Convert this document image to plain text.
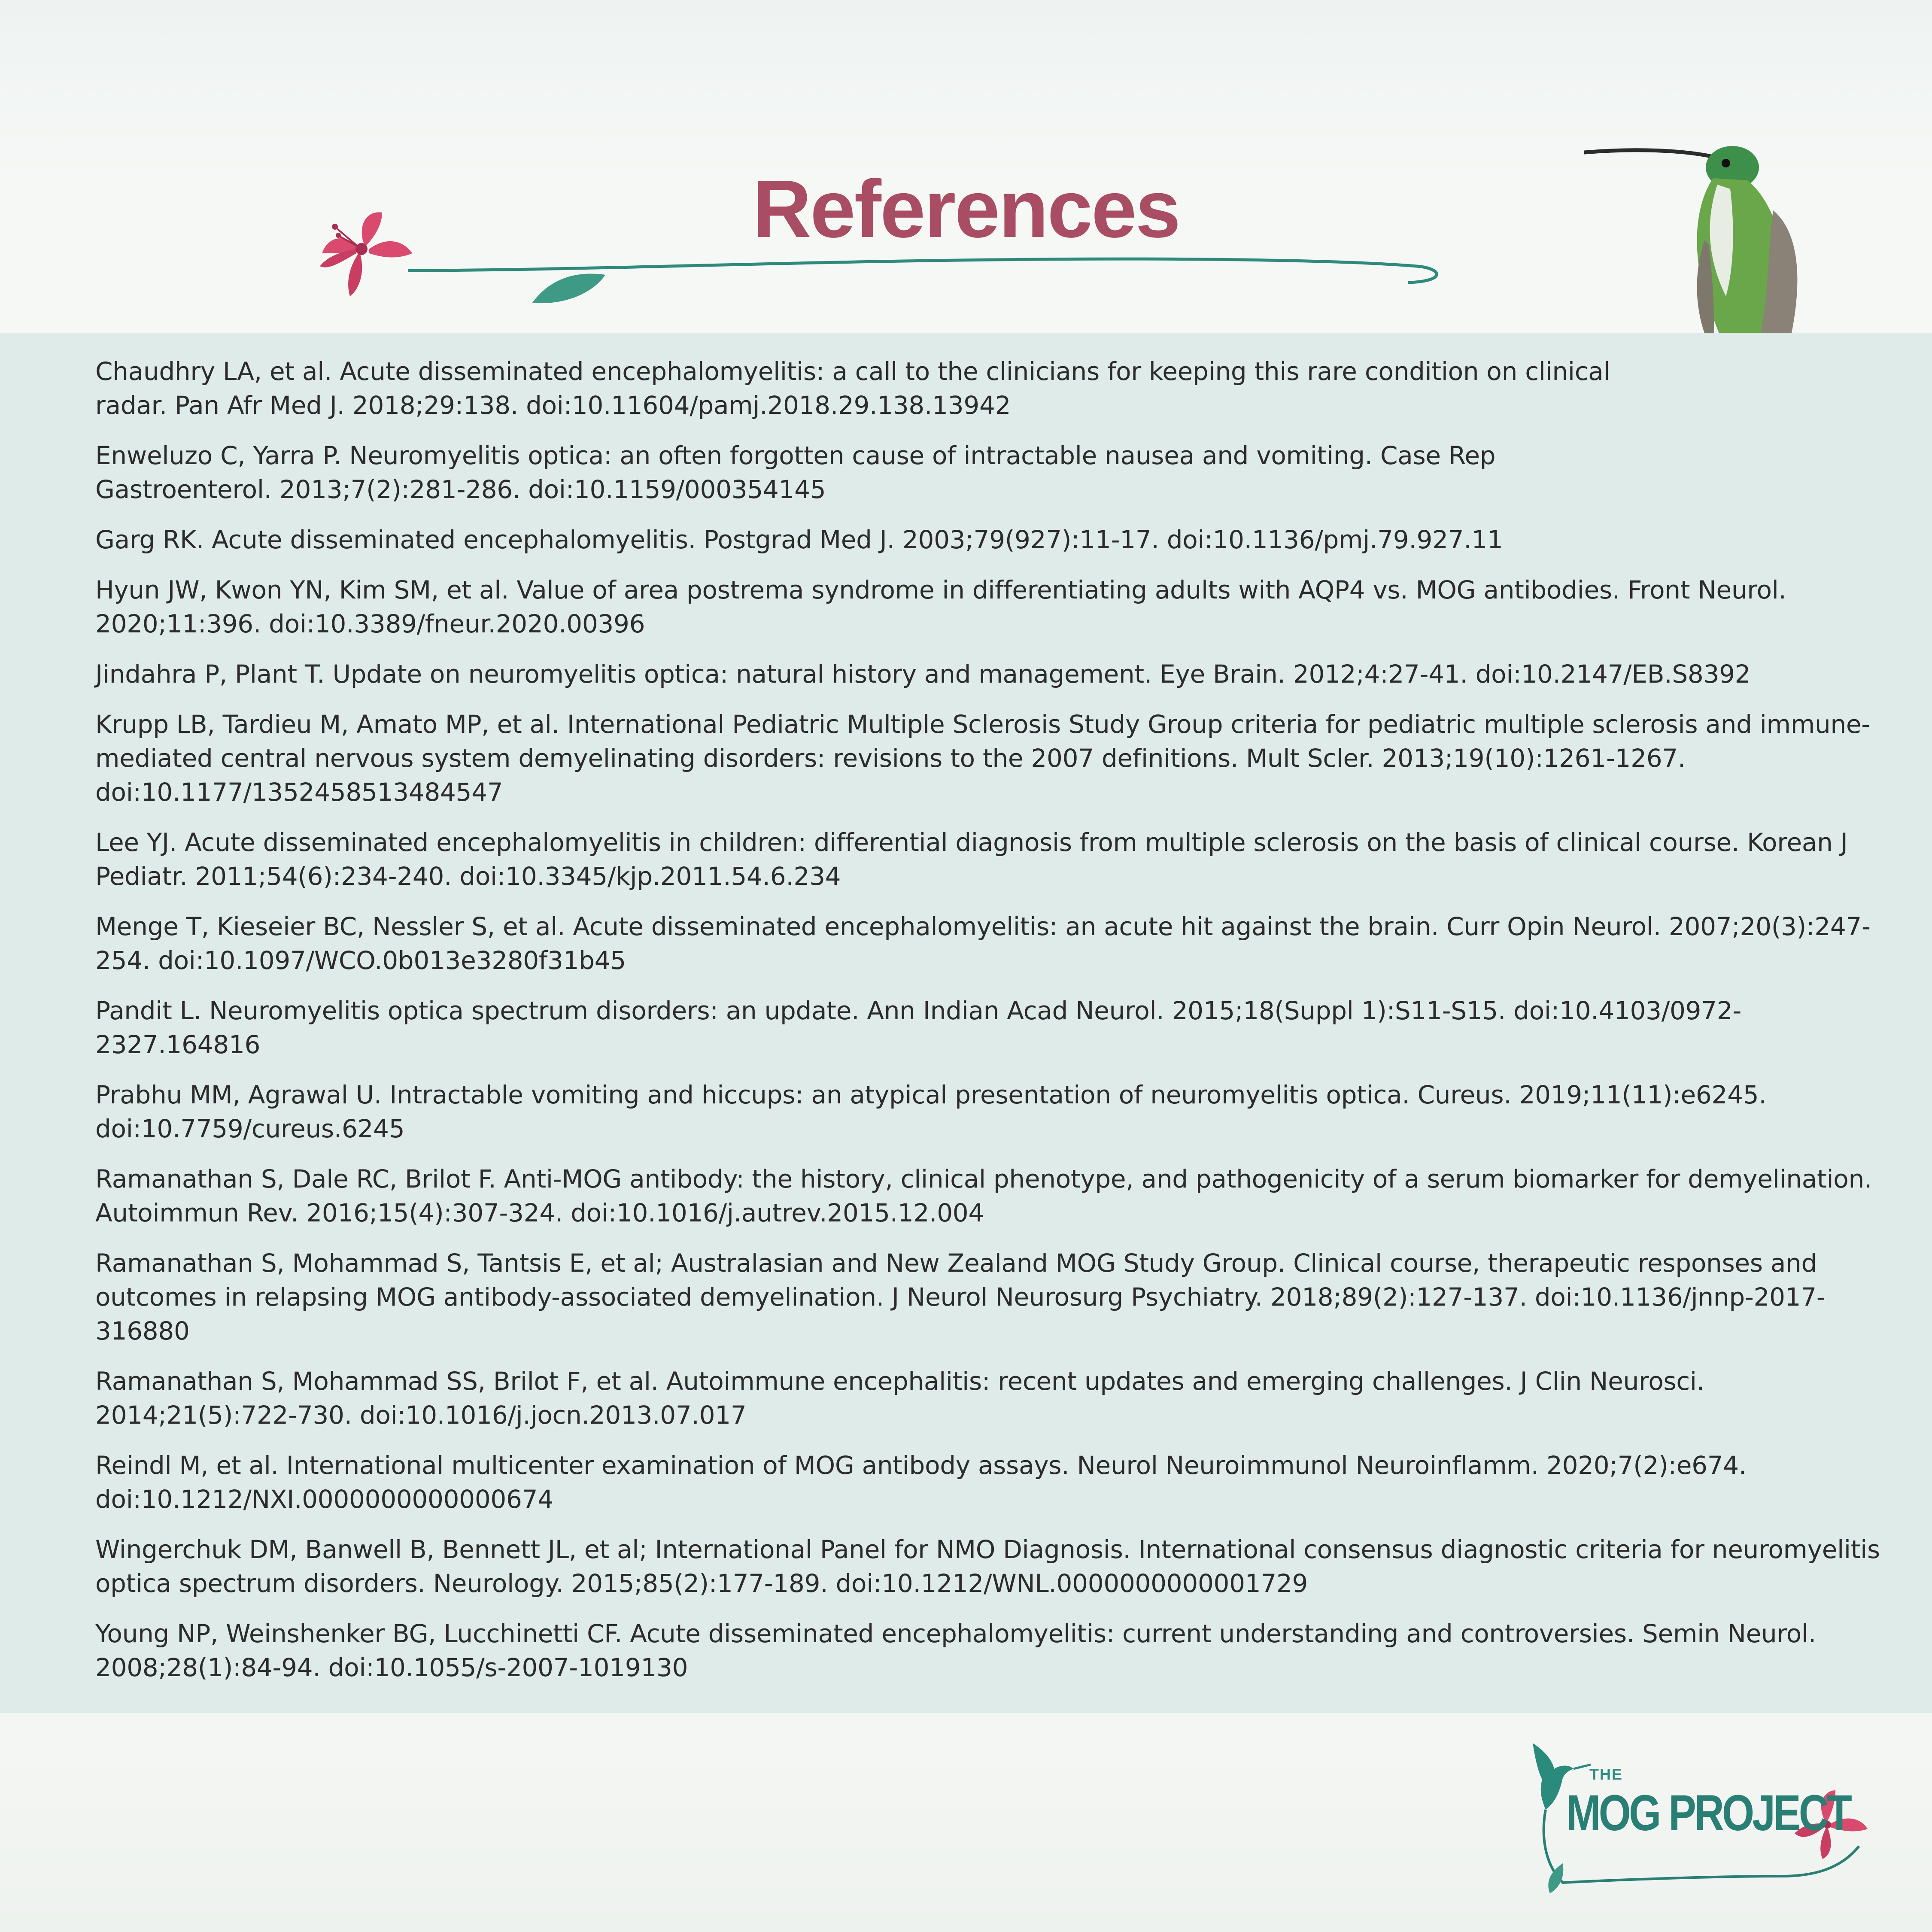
References
Chaudhry LA, et al. Acute disseminated encephalomyelitis: a call to the clinicians for keeping this rare condition on clinical radar. Pan Afr Med J. 2018;29:138. doi:10.11604/pamj.2018.29.138.13942
Enweluzo C, Yarra P. Neuromyelitis optica: an often forgotten cause of intractable nausea and vomiting. Case Rep Gastroenterol. 2013;7(2):281-286. doi:10.1159/000354145
Garg RK. Acute disseminated encephalomyelitis. Postgrad Med J. 2003;79(927):11-17. doi:10.1136/pmj.79.927.11
Hyun JW, Kwon YN, Kim SM, et al. Value of area postrema syndrome in differentiating adults with AQP4 vs. MOG antibodies. Front Neurol. 2020;11:396. doi:10.3389/fneur.2020.00396
Jindahra P, Plant T. Update on neuromyelitis optica: natural history and management. Eye Brain. 2012;4:27-41. doi:10.2147/EB.S8392
Krupp LB, Tardieu M, Amato MP, et al. International Pediatric Multiple Sclerosis Study Group criteria for pediatric multiple sclerosis and immune-mediated central nervous system demyelinating disorders: revisions to the 2007 definitions. Mult Scler. 2013;19(10):1261-1267. doi:10.1177/1352458513484547
Lee YJ. Acute disseminated encephalomyelitis in children: differential diagnosis from multiple sclerosis on the basis of clinical course. Korean J Pediatr. 2011;54(6):234-240. doi:10.3345/kjp.2011.54.6.234
Menge T, Kieseier BC, Nessler S, et al. Acute disseminated encephalomyelitis: an acute hit against the brain. Curr Opin Neurol. 2007;20(3):247-254. doi:10.1097/WCO.0b013e3280f31b45
Pandit L. Neuromyelitis optica spectrum disorders: an update. Ann Indian Acad Neurol. 2015;18(Suppl 1):S11-S15. doi:10.4103/0972-2327.164816
Prabhu MM, Agrawal U. Intractable vomiting and hiccups: an atypical presentation of neuromyelitis optica. Cureus. 2019;11(11):e6245. doi:10.7759/cureus.6245
Ramanathan S, Dale RC, Brilot F. Anti-MOG antibody: the history, clinical phenotype, and pathogenicity of a serum biomarker for demyelination. Autoimmun Rev. 2016;15(4):307-324. doi:10.1016/j.autrev.2015.12.004
Ramanathan S, Mohammad S, Tantsis E, et al; Australasian and New Zealand MOG Study Group. Clinical course, therapeutic responses and outcomes in relapsing MOG antibody-associated demyelination. J Neurol Neurosurg Psychiatry. 2018;89(2):127-137. doi:10.1136/jnnp-2017-316880
Ramanathan S, Mohammad SS, Brilot F, et al. Autoimmune encephalitis: recent updates and emerging challenges. J Clin Neurosci. 2014;21(5):722-730. doi:10.1016/j.jocn.2013.07.017
Reindl M, et al. International multicenter examination of MOG antibody assays. Neurol Neuroimmunol Neuroinflamm. 2020;7(2):e674. doi:10.1212/NXI.0000000000000674
Wingerchuk DM, Banwell B, Bennett JL, et al; International Panel for NMO Diagnosis. International consensus diagnostic criteria for neuromyelitis optica spectrum disorders. Neurology. 2015;85(2):177-189. doi:10.1212/WNL.0000000000001729
Young NP, Weinshenker BG, Lucchinetti CF. Acute disseminated encephalomyelitis: current understanding and controversies. Semin Neurol. 2008;28(1):84-94. doi:10.1055/s-2007-1019130
THE
MOG PROJECT
